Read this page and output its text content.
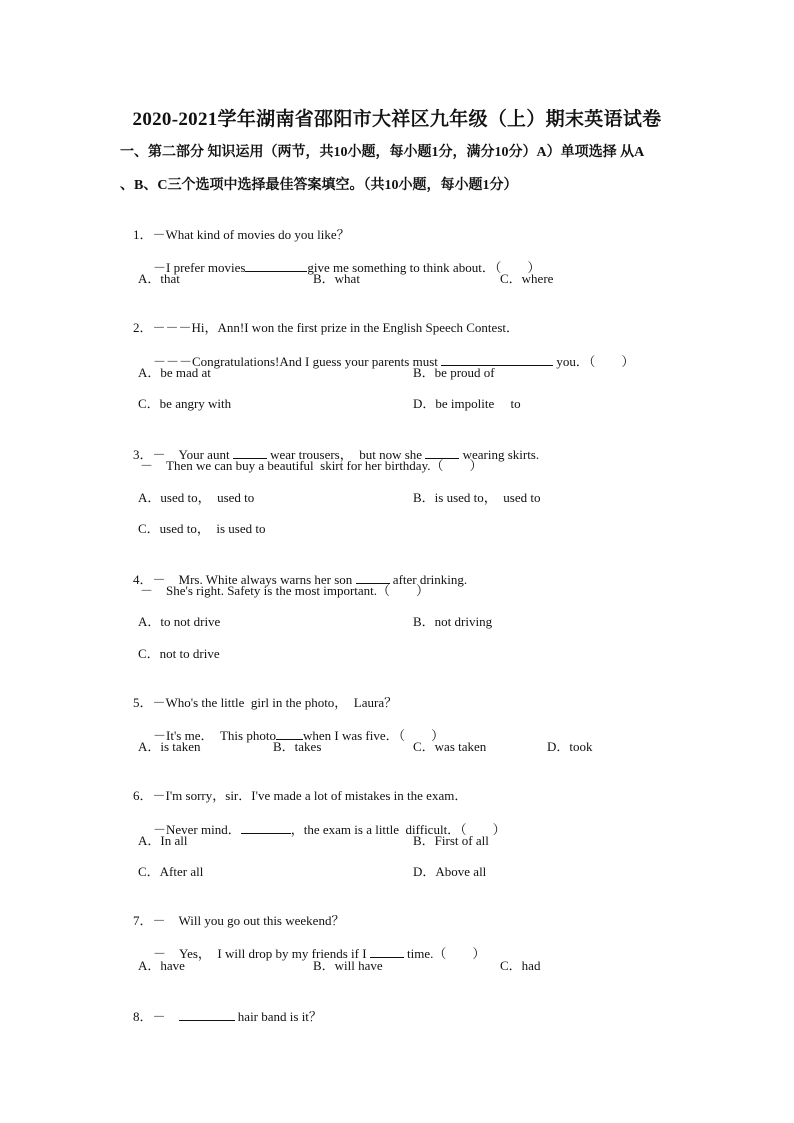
2020-2021学年湖南省邵阳市大祥区九年级（上）期末英语试卷
一、第二部分 知识运用（两节，共10小题，每小题1分，满分10分）A）单项选择 从A
、B、C三个选项中选择最佳答案填空。（共10小题，每小题1分）

1．－What kind of movies do you like？

－I prefer movies	give me something to think about．（　　）

A．that	B．what	C．where

2．－－－Hi，Ann!I won the first prize in the English Speech Contest．

－－－Congratulations!And I guess your parents must	you．（　　）

A．be mad at	B．be proud of
C．be angry with	D．be impolite　 to

3．－　Your aunt	wear trousers，　but now she	wearing skirts.

－　Then we can buy a beautiful  skirt for her birthday.（　　）
A．used to，　used to	B．is used to，　used to
C．used to，　is used to

4．－　Mrs. White always warns her son	after drinking.

－　She's right. Safety is the most important.（　　）
A．to not drive	B．not driving
C．not to drive

5．－Who's the little  girl in the photo，　Laura？

－It's me．　This photo when I was five．（　　）

A．is taken	B．takes	C．was taken	D．took

6．－I'm sorry，sir．I've made a lot of mistakes in the exam．

－Never mind．	，the exam is a little  difficult．（　　）

A．In all	B．First of all
C．After all	D．Above all

7．－　Will you go out this weekend？

－　Yes，　I will drop by my friends if I	time.（　　）

A．have	B．will have	C．had

8．－　	hair band is it？
